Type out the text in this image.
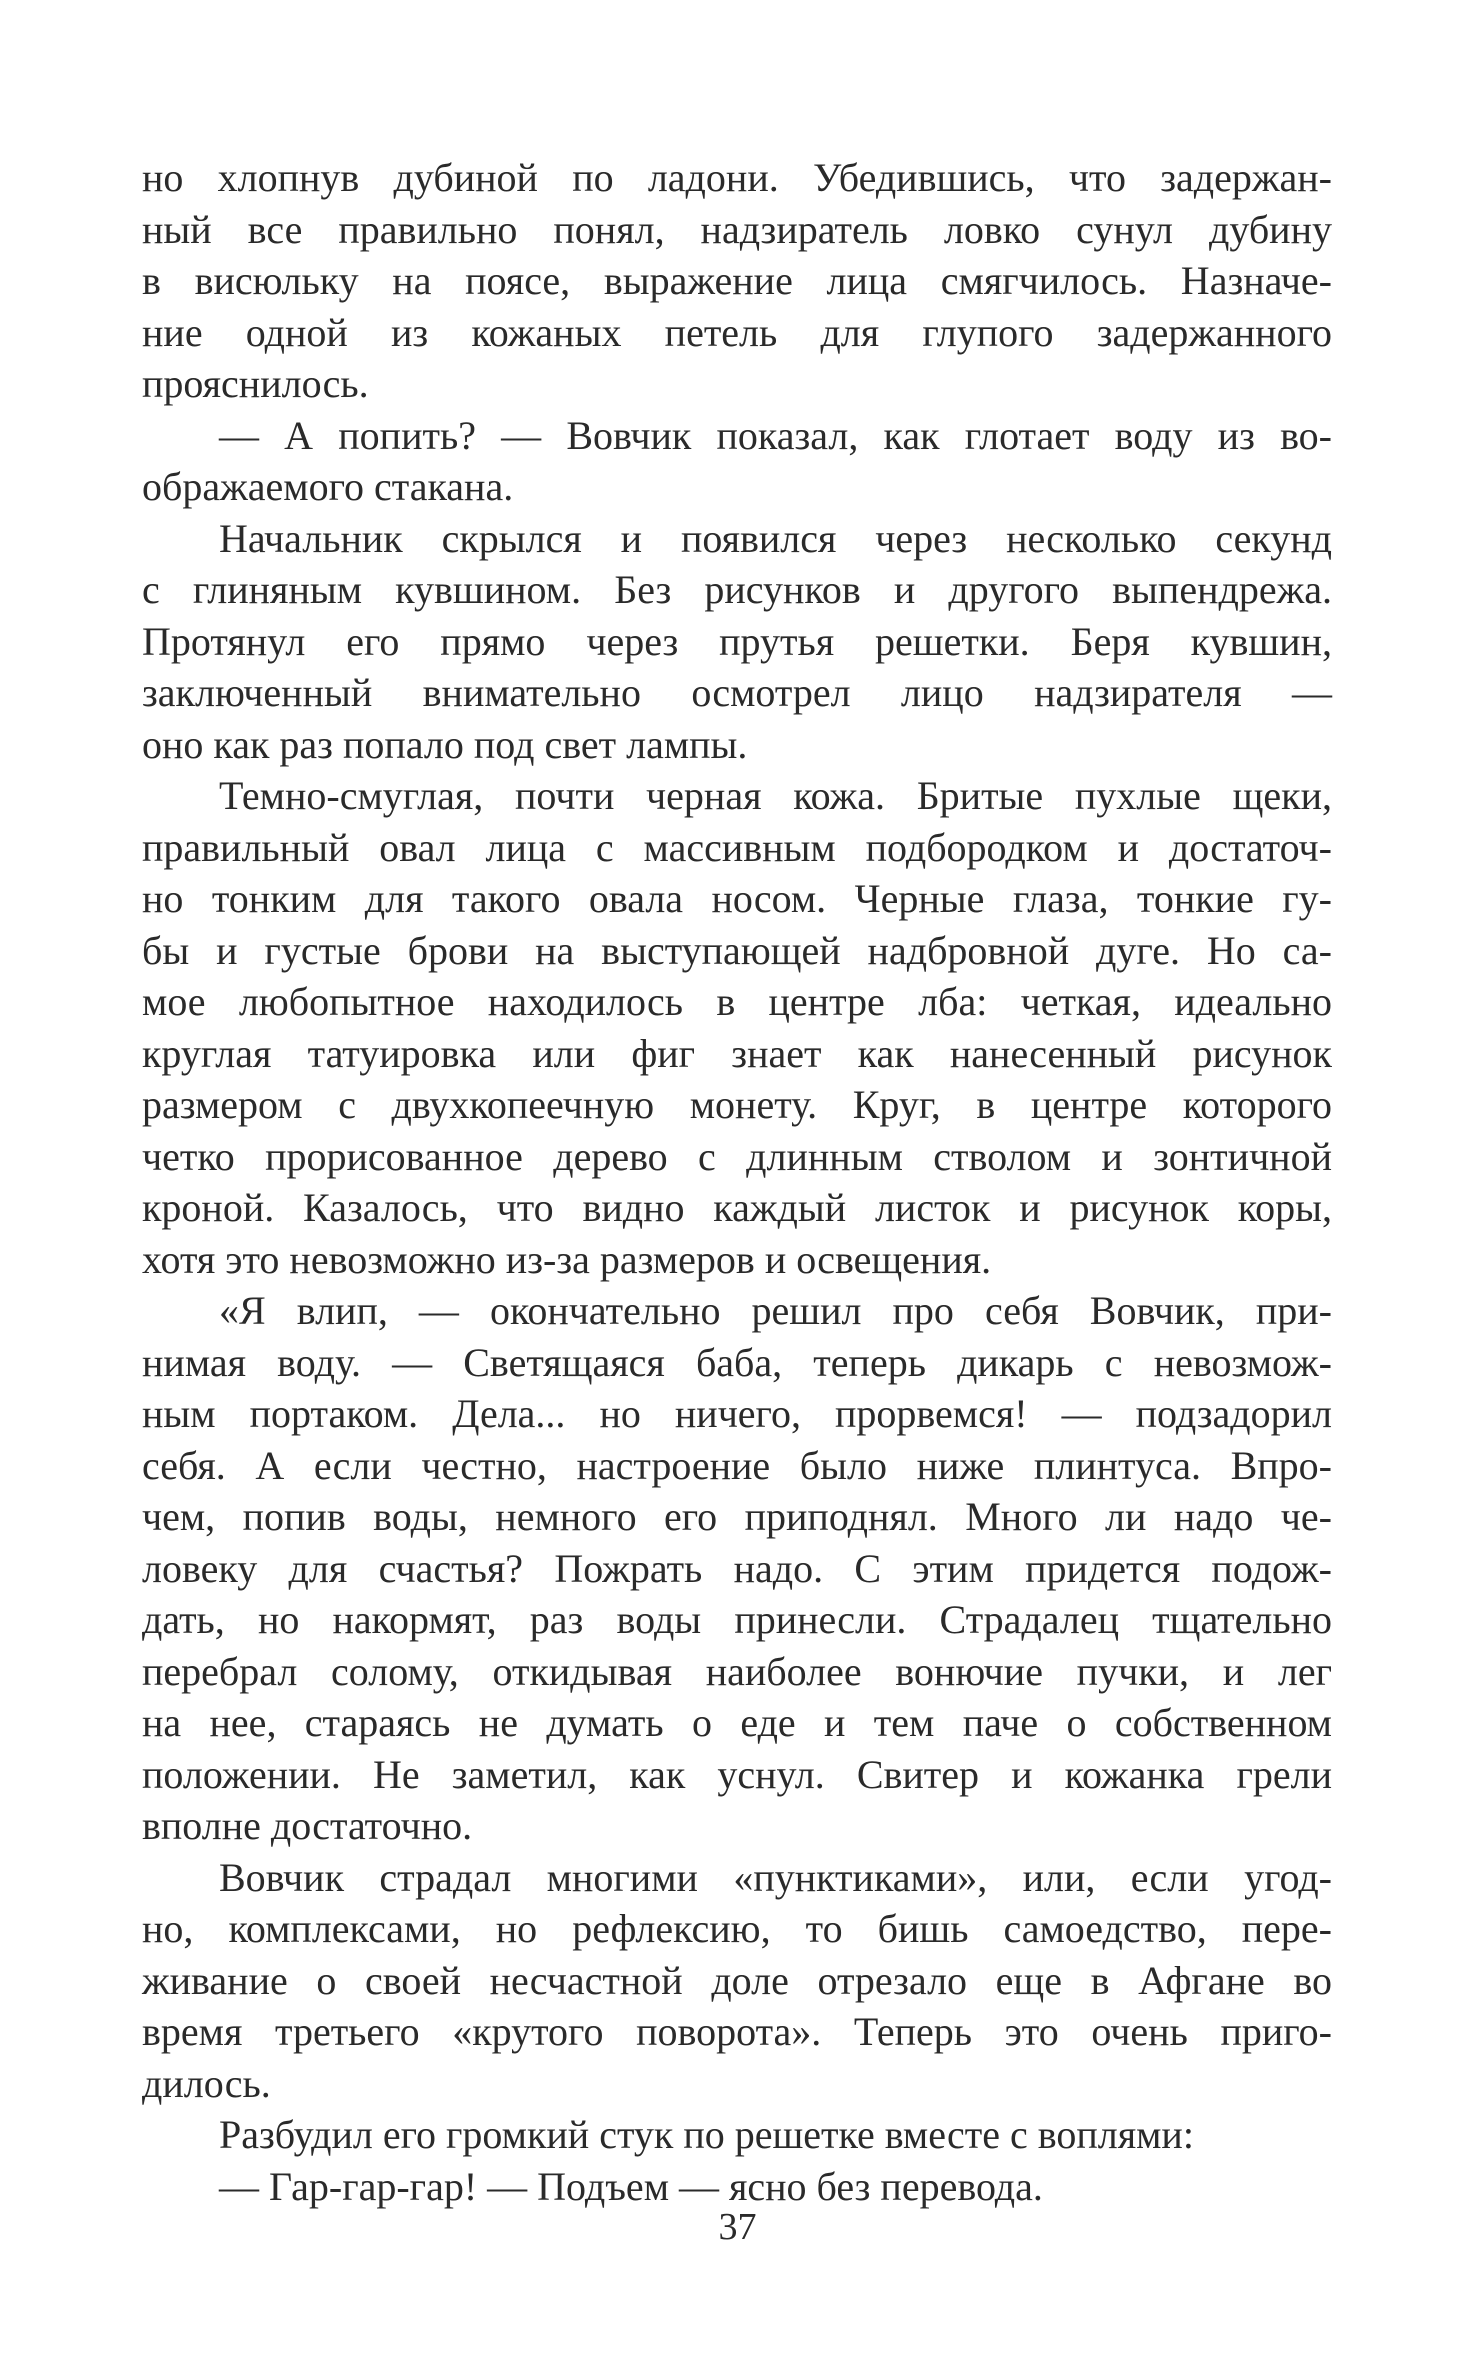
но хлопнув дубиной по ладони. Убедившись, что задержан-
ный все правильно понял, надзиратель ловко сунул дубину
в висюльку на поясе, выражение лица смягчилось. Назначе-
ние одной из кожаных петель для глупого задержанного
прояснилось.
— А попить? — Вовчик показал, как глотает воду из во-
ображаемого стакана.
Начальник скрылся и появился через несколько секунд
с глиняным кувшином. Без рисунков и другого выпендрежа.
Протянул его прямо через прутья решетки. Беря кувшин,
заключенный внимательно осмотрел лицо надзирателя —
оно как раз попало под свет лампы.
Темно-смуглая, почти черная кожа. Бритые пухлые щеки,
правильный овал лица с массивным подбородком и достаточ-
но тонким для такого овала носом. Черные глаза, тонкие гу-
бы и густые брови на выступающей надбровной дуге. Но са-
мое любопытное находилось в центре лба: четкая, идеально
круглая татуировка или фиг знает как нанесенный рисунок
размером с двухкопеечную монету. Круг, в центре которого
четко прорисованное дерево с длинным стволом и зонтичной
кроной. Казалось, что видно каждый листок и рисунок коры,
хотя это невозможно из-за размеров и освещения.
«Я влип, — окончательно решил про себя Вовчик, при-
нимая воду. — Светящаяся баба, теперь дикарь с невозмож-
ным портаком. Дела... но ничего, прорвемся! — подзадорил
себя. А если честно, настроение было ниже плинтуса. Впро-
чем, попив воды, немного его приподнял. Много ли надо че-
ловеку для счастья? Пожрать надо. С этим придется подож-
дать, но накормят, раз воды принесли. Страдалец тщательно
перебрал солому, откидывая наиболее вонючие пучки, и лег
на нее, стараясь не думать о еде и тем паче о собственном
положении. Не заметил, как уснул. Свитер и кожанка грели
вполне достаточно.
Вовчик страдал многими «пунктиками», или, если угод-
но, комплексами, но рефлексию, то бишь самоедство, пере-
живание о своей несчастной доле отрезало еще в Афгане во
время третьего «крутого поворота». Теперь это очень приго-
дилось.
Разбудил его громкий стук по решетке вместе с воплями:
— Гар-гар-гар! — Подъем — ясно без перевода.
37
